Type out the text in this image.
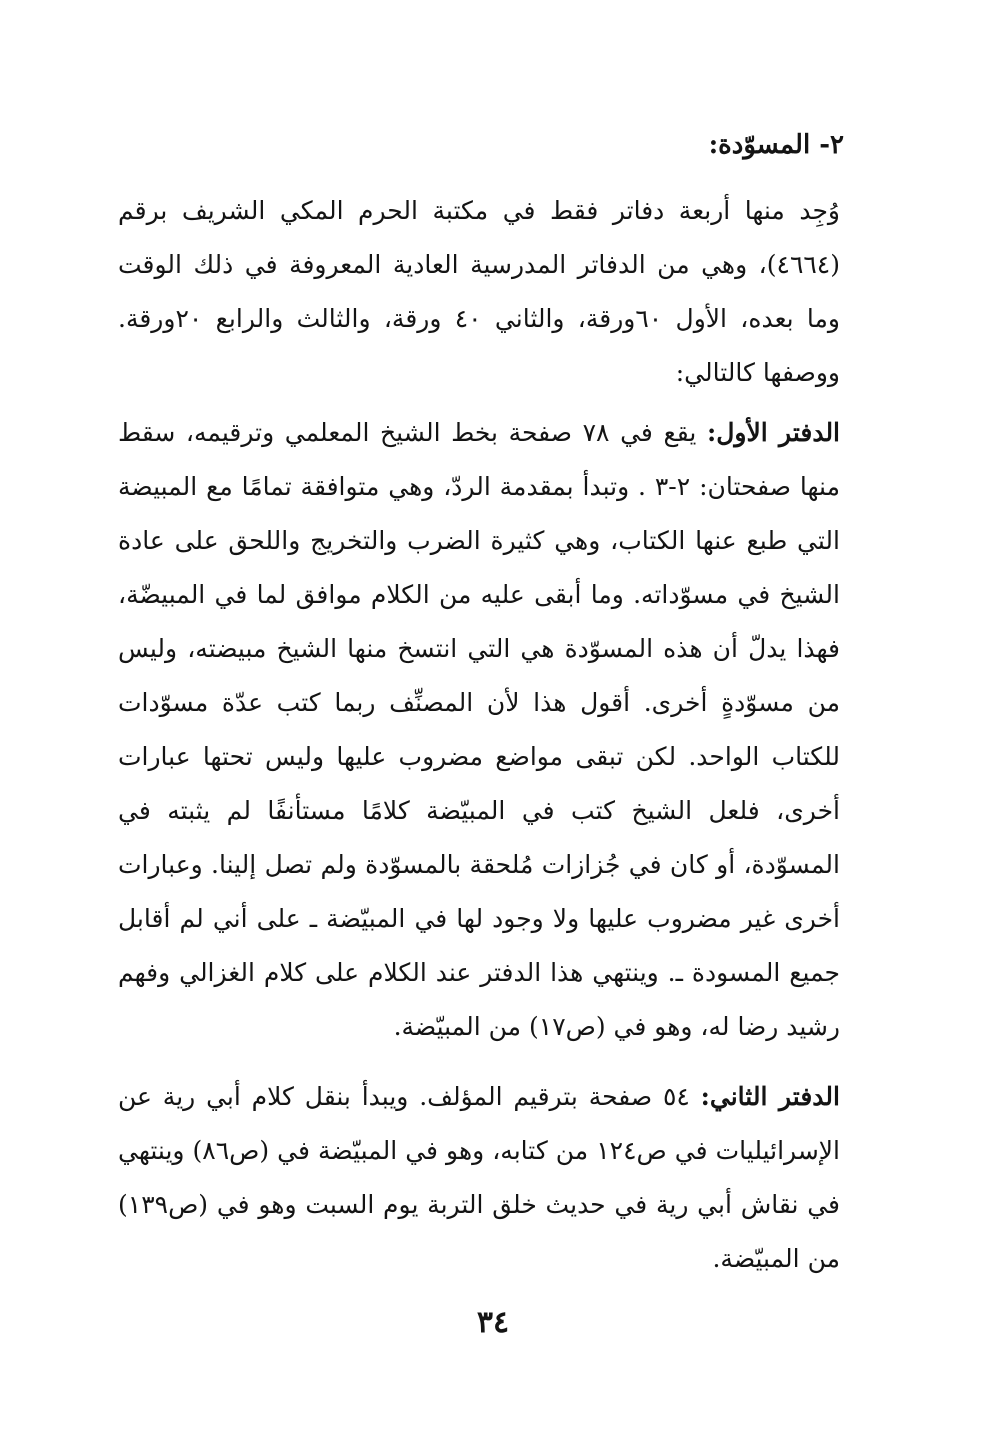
٢- المسوّدة:

وُجِد منها أربعة دفاتر فقط في مكتبة الحرم المكي الشريف برقم (٤٦٦٤)، وهي من الدفاتر المدرسية العادية المعروفة في ذلك الوقت وما بعده، الأول ٦٠ورقة، والثاني ٤٠ ورقة، والثالث والرابع ٢٠ورقة. ووصفها كالتالي:

الدفتر الأول: يقع في ٧٨ صفحة بخط الشيخ المعلمي وترقيمه، سقط منها صفحتان: ٢-٣ . وتبدأ بمقدمة الردّ، وهي متوافقة تمامًا مع المبيضة التي طبع عنها الكتاب، وهي كثيرة الضرب والتخريج واللحق على عادة الشيخ في مسوّداته. وما أبقى عليه من الكلام موافق لما في المبيضّة، فهذا يدلّ أن هذه المسوّدة هي التي انتسخ منها الشيخ مبيضته، وليس من مسوّدةٍ أخرى. أقول هذا لأن المصنِّف ربما كتب عدّة مسوّدات للكتاب الواحد. لكن تبقى مواضع مضروب عليها وليس تحتها عبارات أخرى، فلعل الشيخ كتب في المبيّضة كلامًا مستأنفًا لم يثبته في المسوّدة، أو كان في جُزازات مُلحقة بالمسوّدة ولم تصل إلينا. وعبارات أخرى غير مضروب عليها ولا وجود لها في المبيّضة ـ على أني لم أقابل جميع المسودة ـ. وينتهي هذا الدفتر عند الكلام على كلام الغزالي وفهم رشيد رضا له، وهو في (ص١٧) من المبيّضة.

الدفتر الثاني: ٥٤ صفحة بترقيم المؤلف. ويبدأ بنقل كلام أبي رية عن الإسرائيليات في ص١٢٤ من كتابه، وهو في المبيّضة في (ص٨٦) وينتهي في نقاش أبي رية في حديث خلق التربة يوم السبت وهو في (ص١٣٩) من المبيّضة.

٣٤
